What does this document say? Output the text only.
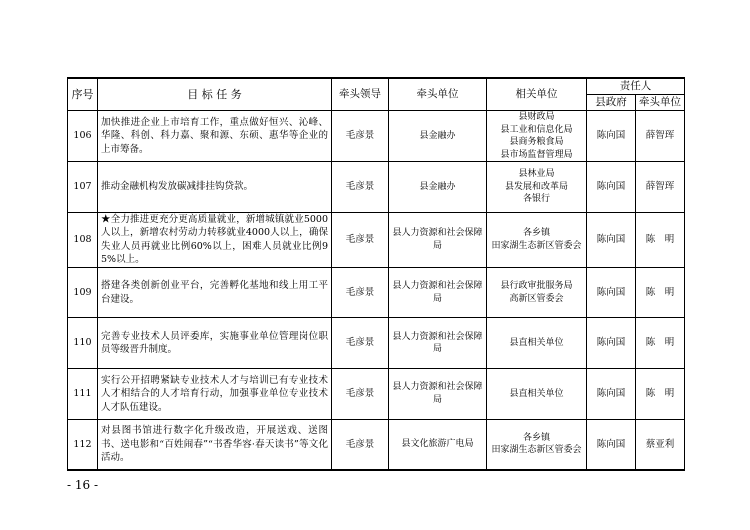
序号	目 标 任 务	牵头领导	牵头单位	相关单位	责任人	
					县政府	牵头单位
106	加快推进企业上市培育工作，重点做好恒兴、沁峰、华隆、科创、科力嘉、聚和源、东硕、惠华等企业的上市筹备。	毛彦景	县金融办	县财政局
县工业和信息化局
县商务粮食局
县市场监督管理局	陈向国	薛智珲
107	推动金融机构发放碳减排挂钩贷款。	毛彦景	县金融办	县林业局
县发展和改革局
各银行	陈向国	薛智珲
108	★全力推进更充分更高质量就业，新增城镇就业5000人以上，新增农村劳动力转移就业4000人以上，确保失业人员再就业比例60%以上，困难人员就业比例95%以上。	毛彦景	县人力资源和社会保障局	各乡镇
田家湖生态新区管委会	陈向国	陈　明
109	搭建各类创新创业平台，完善孵化基地和线上用工平台建设。	毛彦景	县人力资源和社会保障局	县行政审批服务局
高新区管委会	陈向国	陈　明
110	完善专业技术人员评委库，实施事业单位管理岗位职员等级晋升制度。	毛彦景	县人力资源和社会保障局	县直相关单位	陈向国	陈　明
111	实行公开招聘紧缺专业技术人才与培训已有专业技术人才相结合的人才培育行动，加强事业单位专业技术人才队伍建设。	毛彦景	县人力资源和社会保障局	县直相关单位	陈向国	陈　明
112	对县图书馆进行数字化升级改造，开展送戏、送图书、送电影和“百姓闹春”“书香华容·春天读书”等文化活动。	毛彦景	县文化旅游广电局	各乡镇
田家湖生态新区管委会	陈向国	蔡亚利
- 16 -
